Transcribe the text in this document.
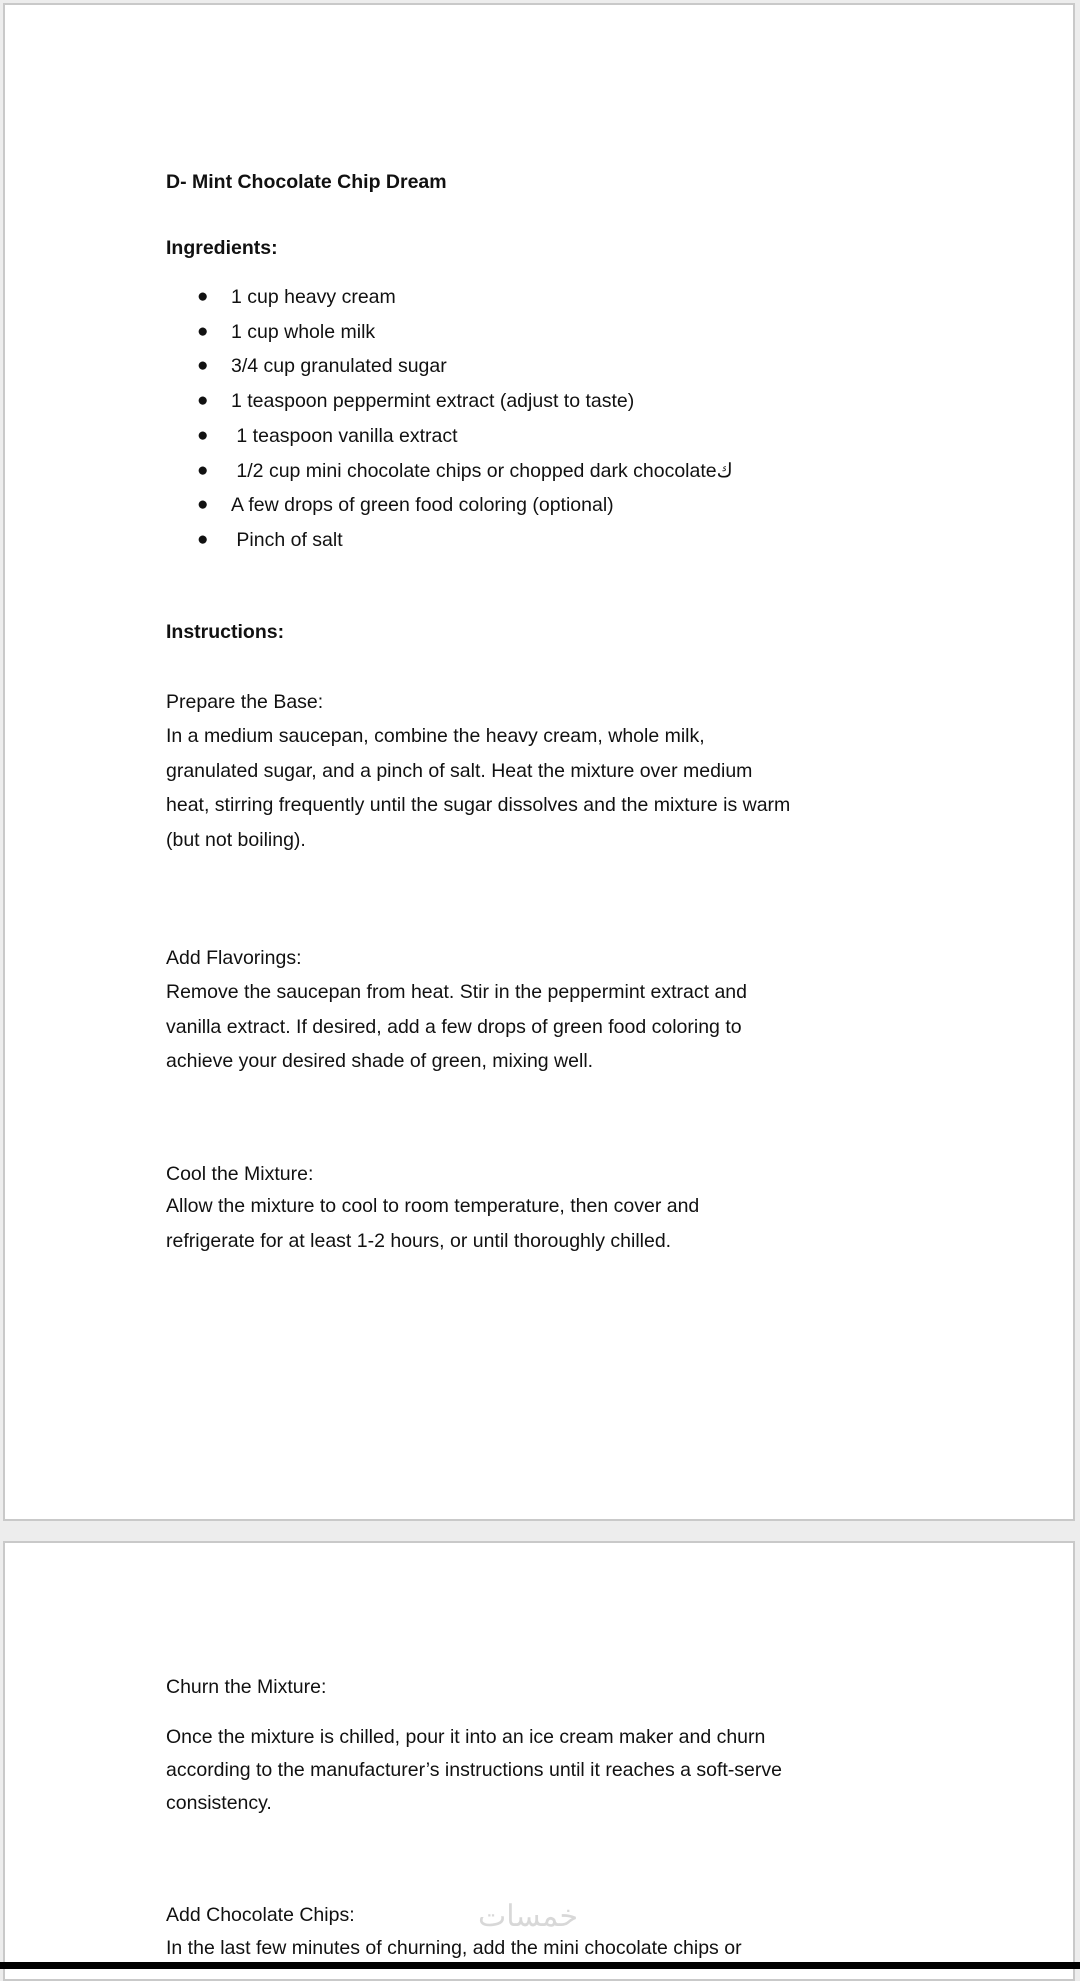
D- Mint Chocolate Chip Dream
Ingredients:
● 1 cup heavy cream
● 1 cup whole milk
● 3/4 cup granulated sugar
● 1 teaspoon peppermint extract (adjust to taste)
● 1 teaspoon vanilla extract
● 1/2 cup mini chocolate chips or chopped dark chocolateك
● A few drops of green food coloring (optional)
● Pinch of salt
Instructions:
Prepare the Base:
In a medium saucepan, combine the heavy cream, whole milk,
granulated sugar, and a pinch of salt. Heat the mixture over medium
heat, stirring frequently until the sugar dissolves and the mixture is warm
(but not boiling).
Add Flavorings:
Remove the saucepan from heat. Stir in the peppermint extract and
vanilla extract. If desired, add a few drops of green food coloring to
achieve your desired shade of green, mixing well.
Cool the Mixture:
Allow the mixture to cool to room temperature, then cover and
refrigerate for at least 1-2 hours, or until thoroughly chilled.
Churn the Mixture:
Once the mixture is chilled, pour it into an ice cream maker and churn
according to the manufacturer’s instructions until it reaches a soft-serve
consistency.
Add Chocolate Chips:
In the last few minutes of churning, add the mini chocolate chips or
خمسات
